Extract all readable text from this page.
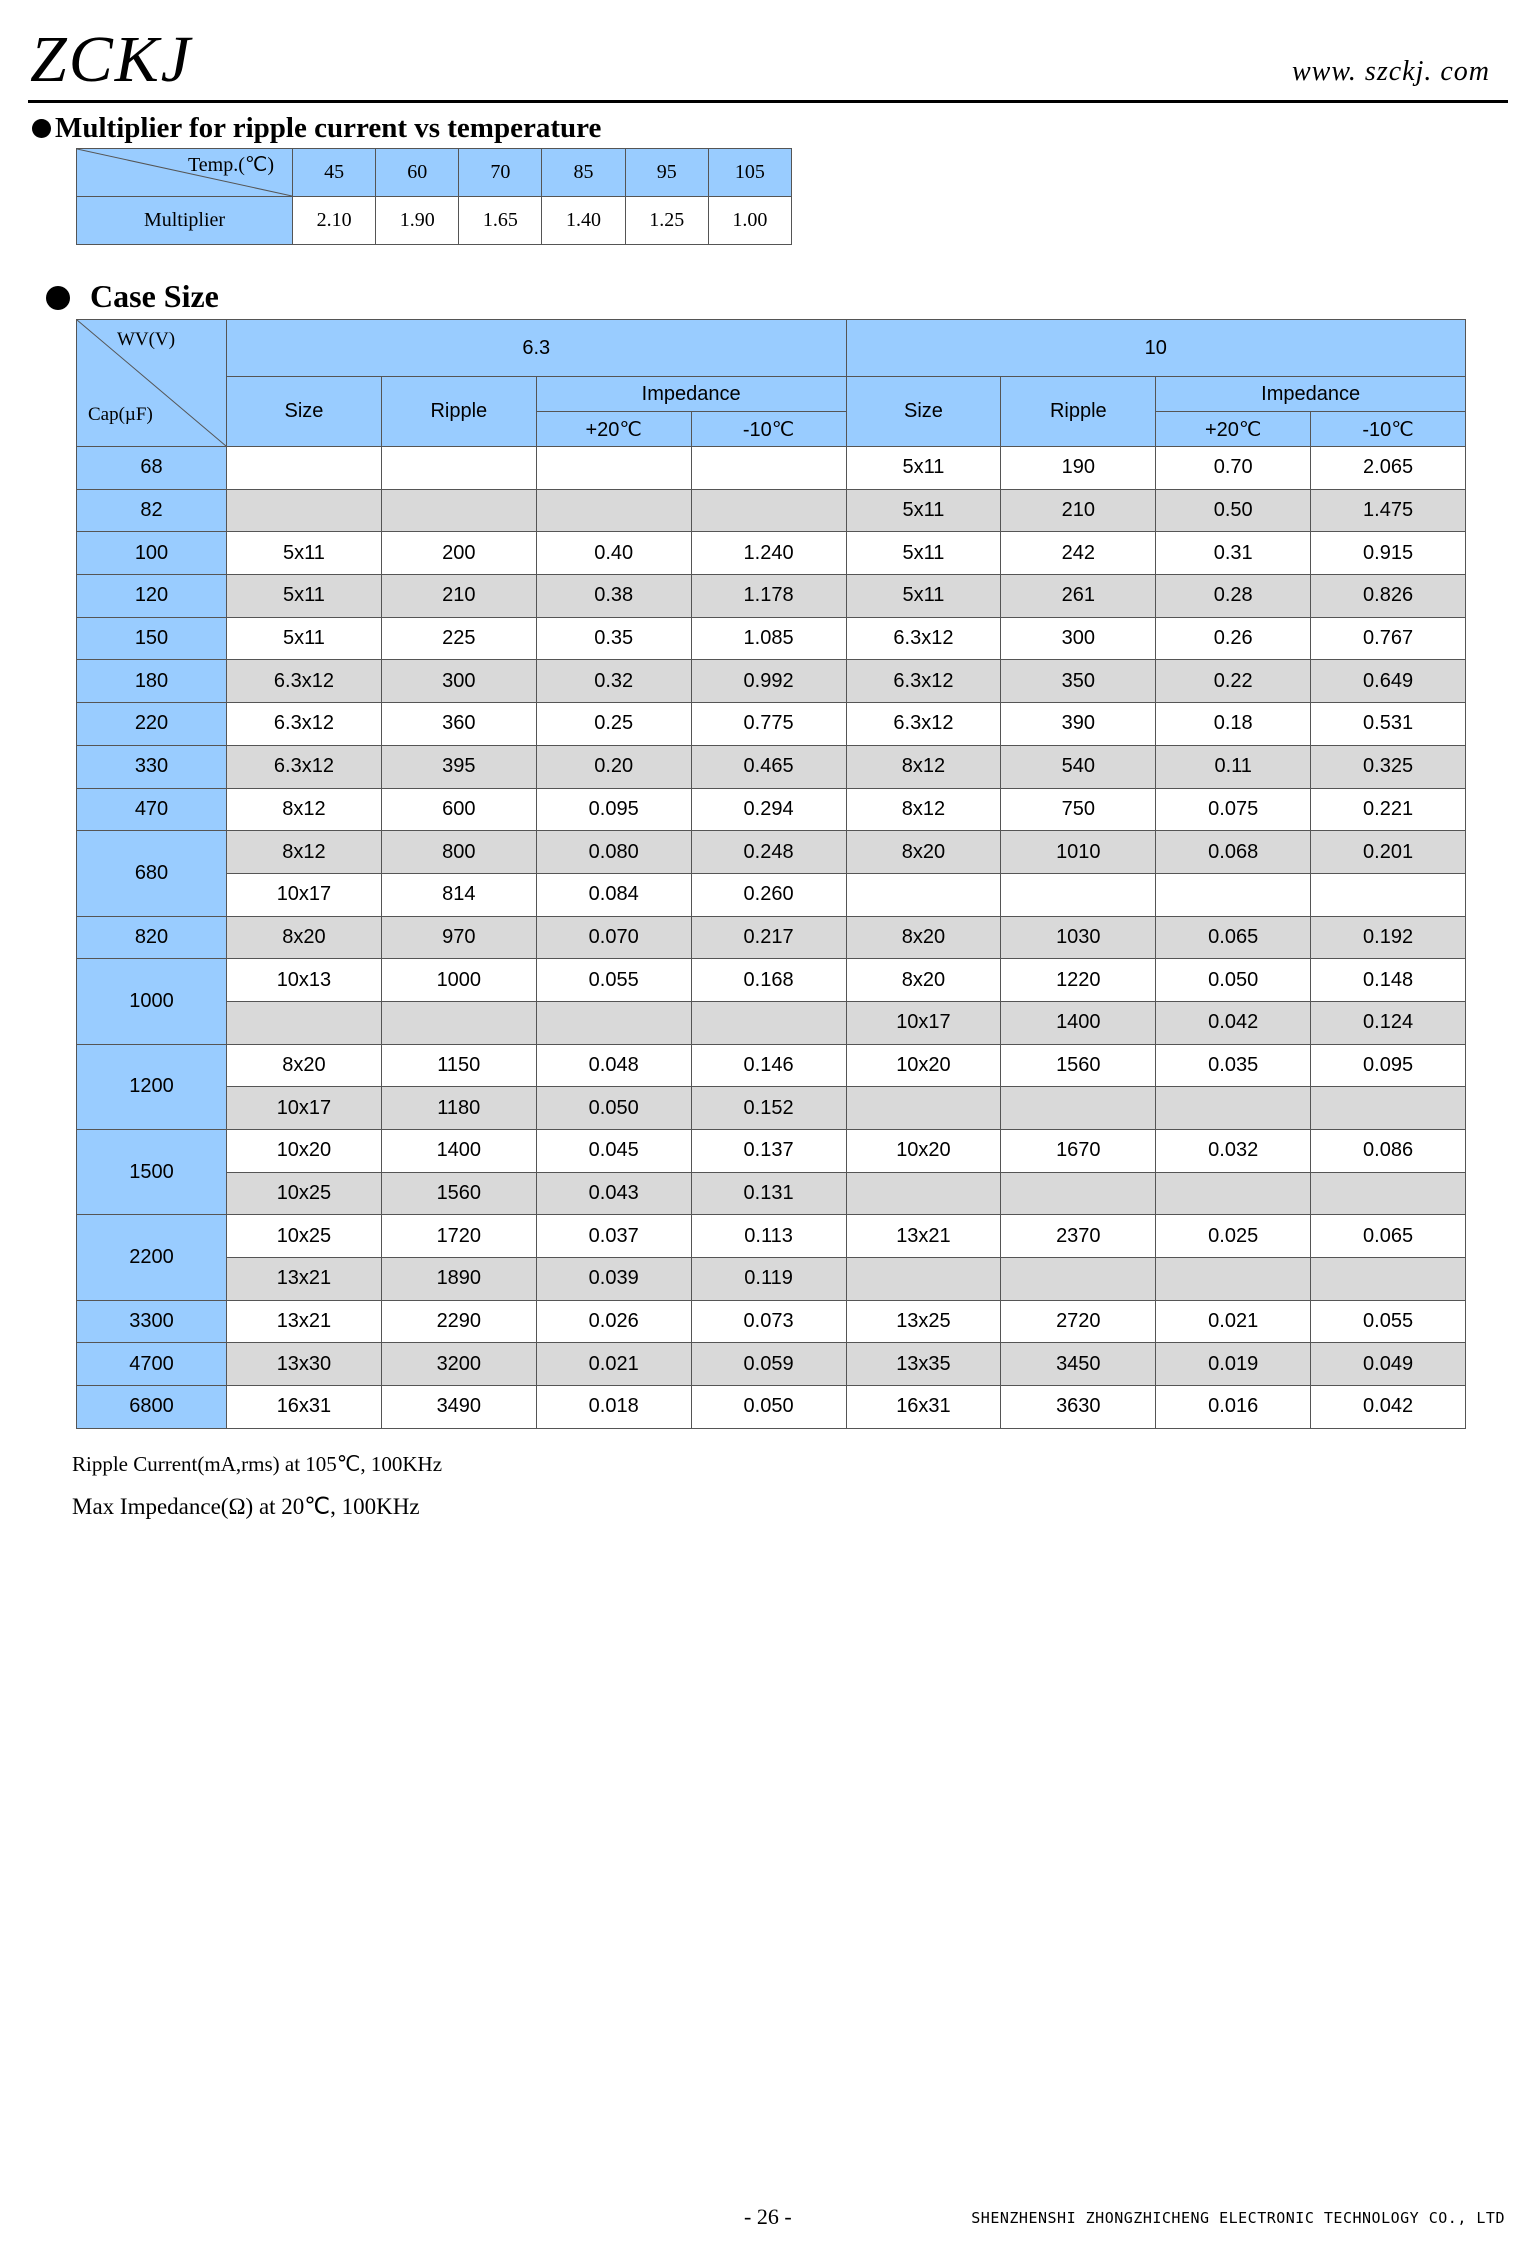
ZCKJ	www. szckj. com
Multiplier for ripple current vs temperature
Temp.(℃)	45	60	70	85	95	105
Multiplier	2.10	1.90	1.65	1.40	1.25	1.00
Case Size
WV(V)
Cap(µF)	6.3				10			
	Size	Ripple	Impedance		Size	Ripple	Impedance	
			+20℃	-10℃			+20℃	-10℃
68					5x11	190	0.70	2.065
82					5x11	210	0.50	1.475
100	5x11	200	0.40	1.240	5x11	242	0.31	0.915
120	5x11	210	0.38	1.178	5x11	261	0.28	0.826
150	5x11	225	0.35	1.085	6.3x12	300	0.26	0.767
180	6.3x12	300	0.32	0.992	6.3x12	350	0.22	0.649
220	6.3x12	360	0.25	0.775	6.3x12	390	0.18	0.531
330	6.3x12	395	0.20	0.465	8x12	540	0.11	0.325
470	8x12	600	0.095	0.294	8x12	750	0.075	0.221
680	8x12	800	0.080	0.248	8x20	1010	0.068	0.201
	10x17	814	0.084	0.260				
820	8x20	970	0.070	0.217	8x20	1030	0.065	0.192
1000	10x13	1000	0.055	0.168	8x20	1220	0.050	0.148
					10x17	1400	0.042	0.124
1200	8x20	1150	0.048	0.146	10x20	1560	0.035	0.095
	10x17	1180	0.050	0.152				
1500	10x20	1400	0.045	0.137	10x20	1670	0.032	0.086
	10x25	1560	0.043	0.131				
2200	10x25	1720	0.037	0.113	13x21	2370	0.025	0.065
	13x21	1890	0.039	0.119				
3300	13x21	2290	0.026	0.073	13x25	2720	0.021	0.055
4700	13x30	3200	0.021	0.059	13x35	3450	0.019	0.049
6800	16x31	3490	0.018	0.050	16x31	3630	0.016	0.042
Ripple Current(mA,rms) at 105℃, 100KHz
Max Impedance(Ω) at 20℃, 100KHz
- 26 -	SHENZHENSHI ZHONGZHICHENG ELECTRONIC TECHNOLOGY CO., LTD
